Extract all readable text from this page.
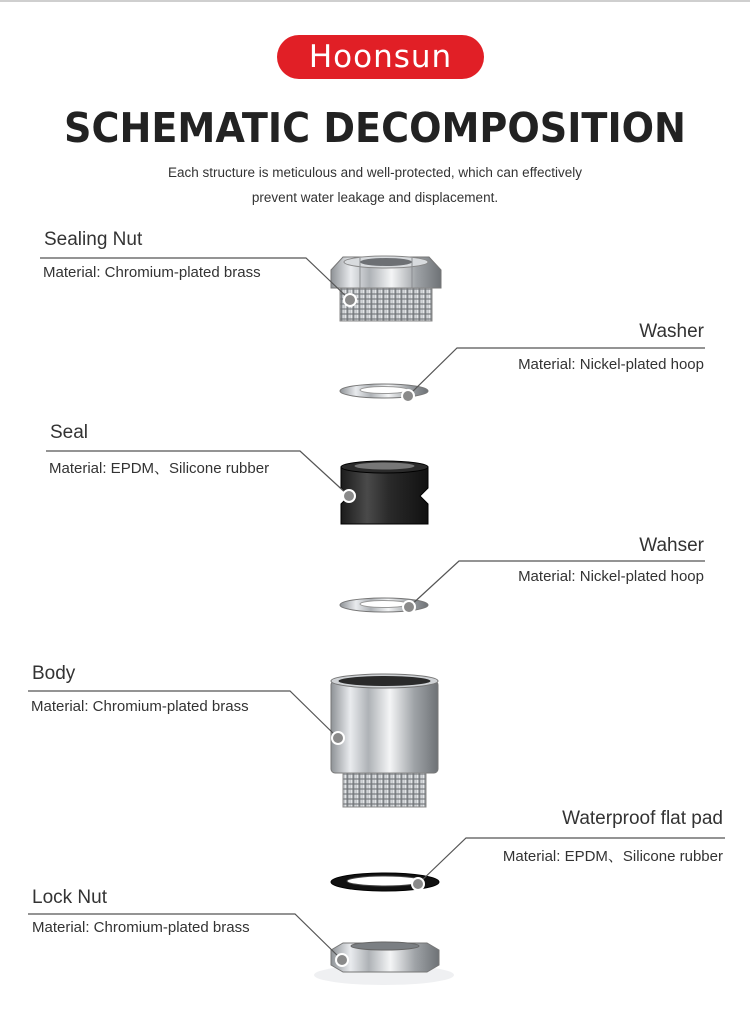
Hoonsun
SCHEMATIC DECOMPOSITION
Each structure is meticulous and well-protected, which can effectively
prevent water leakage and displacement.
Sealing Nut
Material: Chromium-plated brass
Washer
Material: Nickel-plated hoop
Seal
Material: EPDM、Silicone rubber
Wahser
Material: Nickel-plated hoop
Body
Material: Chromium-plated brass
Waterproof flat pad
Material: EPDM、Silicone rubber
Lock Nut
Material: Chromium-plated brass
